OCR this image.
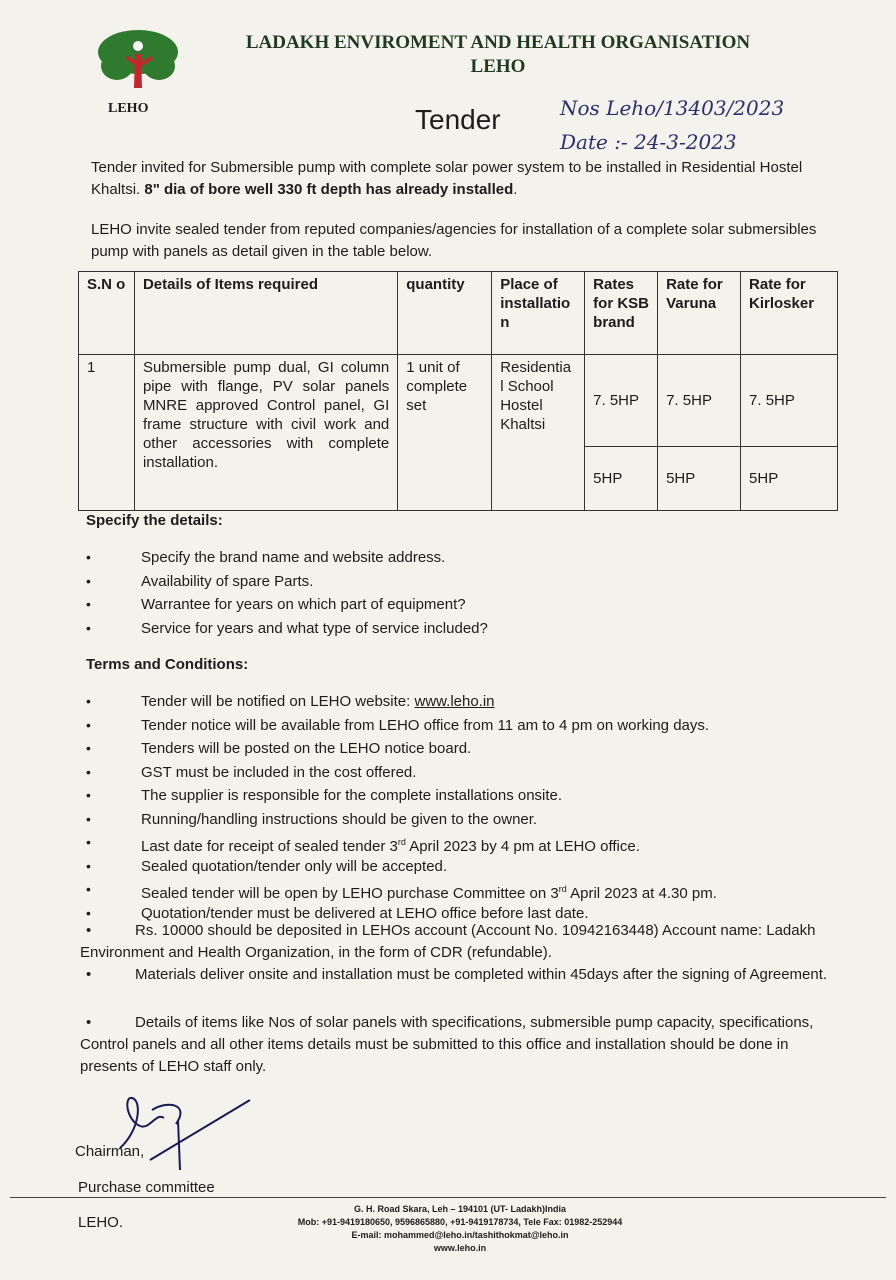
LEHO
LADAKH ENVIROMENT AND HEALTH ORGANISATION
LEHO
Tender	Nos Leho/13403/2023
Date :- 24-3-2023
Tender invited for Submersible pump with complete solar power system to be installed in Residential Hostel Khaltsi. 8" dia of bore well 330 ft depth has already installed.
LEHO invite sealed tender from reputed companies/agencies for installation of a complete solar submersibles pump with panels as detail given in the table below.
S.N o	Details of Items required	quantity	Place of installatio n	Rates for KSB brand	Rate for Varuna	Rate for Kirlosker
1	Submersible pump dual, GI column pipe with flange, PV solar panels MNRE approved Control panel, GI frame structure with civil work and other accessories with complete installation.	1 unit of complete set	Residentia l School Hostel Khaltsi	7. 5HP	7. 5HP	7. 5HP
				5HP	5HP	5HP
Specify the details:
• Specify the brand name and website address.
• Availability of spare Parts.
• Warrantee for years on which part of equipment?
• Service for years and what type of service included?
Terms and Conditions:
• Tender will be notified on LEHO website: www.leho.in
• Tender notice will be available from LEHO office from 11 am to 4 pm on working days.
• Tenders will be posted on the LEHO notice board.
• GST must be included in the cost offered.
• The supplier is responsible for the complete installations onsite.
• Running/handling instructions should be given to the owner.
• Last date for receipt of sealed tender 3rd April 2023 by 4 pm at LEHO office.
• Sealed quotation/tender only will be accepted.
• Sealed tender will be open by LEHO purchase Committee on 3rd April 2023 at 4.30 pm.
• Quotation/tender must be delivered at LEHO office before last date.
•	Rs. 10000 should be deposited in LEHOs account (Account No. 10942163448) Account name: Ladakh Environment and Health Organization, in the form of CDR (refundable).
•	Materials deliver onsite and installation must be completed within 45days after the signing of Agreement.
•	Details of items like Nos of solar panels with specifications, submersible pump capacity, specifications, Control panels and all other items details must be submitted to this office and installation should be done in presents of LEHO staff only.
Chairman,
Purchase committee
LEHO.
G. H. Road Skara, Leh – 194101 (UT- Ladakh)India
Mob: +91-9419180650, 9596865880, +91-9419178734, Tele Fax: 01982-252944
E-mail: mohammed@leho.in/tashithokmat@leho.in
www.leho.in
